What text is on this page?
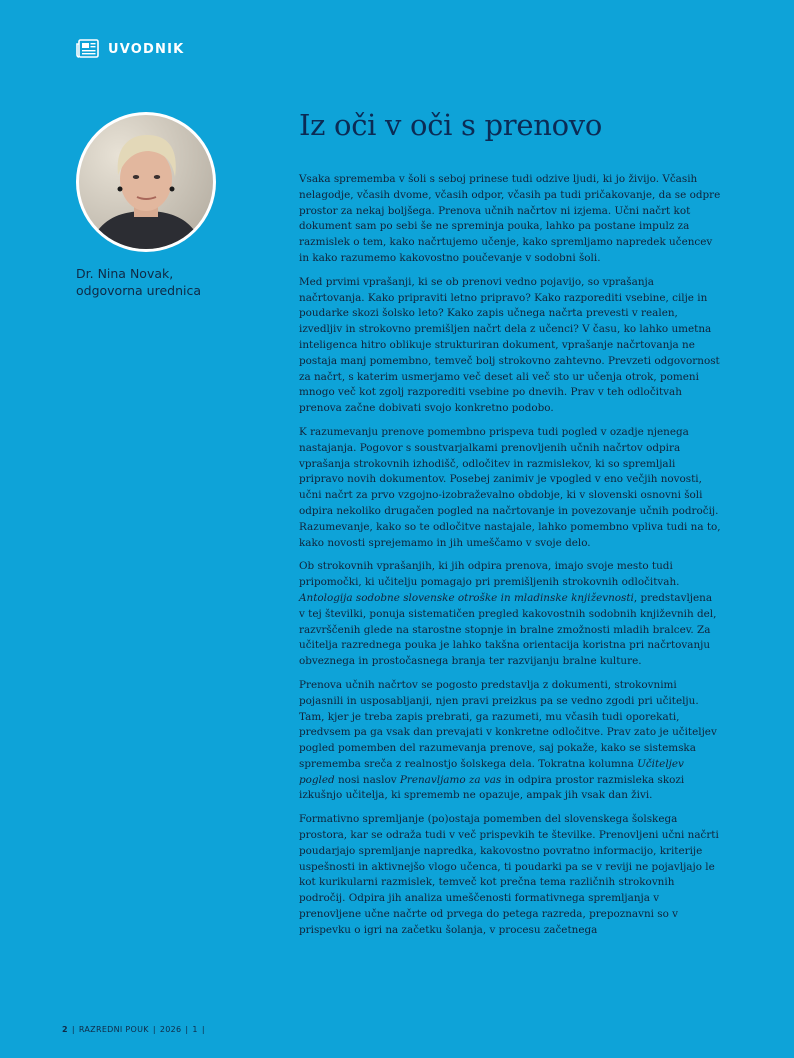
UVODNIK
Iz oči v oči s prenovo
Dr. Nina Novak,
odgovorna urednica

Vsaka sprememba v šoli s seboj prinese tudi odzive ljudi, ki jo živijo. Včasih nelagodje, včasih dvome, včasih odpor, včasih pa tudi pričakovanje, da se odpre prostor za nekaj boljšega. Prenova učnih načrtov ni izjema. Učni načrt kot dokument sam po sebi še ne spreminja pouka, lahko pa postane impulz za razmislek o tem, kako načrtujemo učenje, kako spremljamo napredek učencev in kako razumemo kakovostno poučevanje v sodobni šoli.

Med prvimi vprašanji, ki se ob prenovi vedno pojavijo, so vprašanja načrtovanja. Kako pripraviti letno pripravo? Kako razporediti vsebine, cilje in poudarke skozi šolsko leto? Kako zapis učnega načrta prevesti v realen, izvedljiv in strokovno premišljen načrt dela z učenci? V času, ko lahko umetna inteligenca hitro oblikuje strukturiran dokument, vprašanje načrtovanja ne postaja manj pomembno, temveč bolj strokovno zahtevno. Prevzeti odgovornost za načrt, s katerim usmerjamo več deset ali več sto ur učenja otrok, pomeni mnogo več kot zgolj razporediti vsebine po dnevih. Prav v teh odločitvah prenova začne dobivati svojo konkretno podobo.

K razumevanju prenove pomembno prispeva tudi pogled v ozadje njenega nastajanja. Pogovor s soustvarjalkami prenovljenih učnih načrtov odpira vprašanja strokovnih izhodišč, odločitev in razmislekov, ki so spremljali pripravo novih dokumentov. Posebej zanimiv je vpogled v eno večjih novosti, učni načrt za prvo vzgojno-izobraževalno obdobje, ki v slovenski osnovni šoli odpira nekoliko drugačen pogled na načrtovanje in povezovanje učnih področij. Razumevanje, kako so te odločitve nastajale, lahko pomembno vpliva tudi na to, kako novosti sprejemamo in jih umeščamo v svoje delo.

Ob strokovnih vprašanjih, ki jih odpira prenova, imajo svoje mesto tudi pripomočki, ki učitelju pomagajo pri premišljenih strokovnih odločitvah. Antologija sodobne slovenske otroške in mladinske književnosti, predstavljena v tej številki, ponuja sistematičen pregled kakovostnih sodobnih književnih del, razvrščenih glede na starostne stopnje in bralne zmožnosti mladih bralcev. Za učitelja razrednega pouka je lahko takšna orientacija koristna pri načrtovanju obveznega in prostočasnega branja ter razvijanju bralne kulture.

Prenova učnih načrtov se pogosto predstavlja z dokumenti, strokovnimi pojasnili in usposabljanji, njen pravi preizkus pa se vedno zgodi pri učitelju. Tam, kjer je treba zapis prebrati, ga razumeti, mu včasih tudi oporekati, predvsem pa ga vsak dan prevajati v konkretne odločitve. Prav zato je učiteljev pogled pomemben del razumevanja prenove, saj pokaže, kako se sistemska sprememba sreča z realnostjo šolskega dela. Tokratna kolumna Učiteljev pogled nosi naslov Prenavljamo za vas in odpira prostor razmisleka skozi izkušnjo učitelja, ki sprememb ne opazuje, ampak jih vsak dan živi.

Formativno spremljanje (po)ostaja pomemben del slovenskega šolskega prostora, kar se odraža tudi v več prispevkih te številke. Prenovljeni učni načrti poudarjajo spremljanje napredka, kakovostno povratno informacijo, kriterije uspešnosti in aktivnejšo vlogo učenca, ti poudarki pa se v reviji ne pojavljajo le kot kurikularni razmislek, temveč kot prečna tema različnih strokovnih področij. Odpira jih analiza umeščenosti formativnega spremljanja v prenovljene učne načrte od prvega do petega razreda, prepoznavni so v prispevku o igri na začetku šolanja, v procesu začetnega

2 | RAZREDNI POUK | 2026 | 1 |
